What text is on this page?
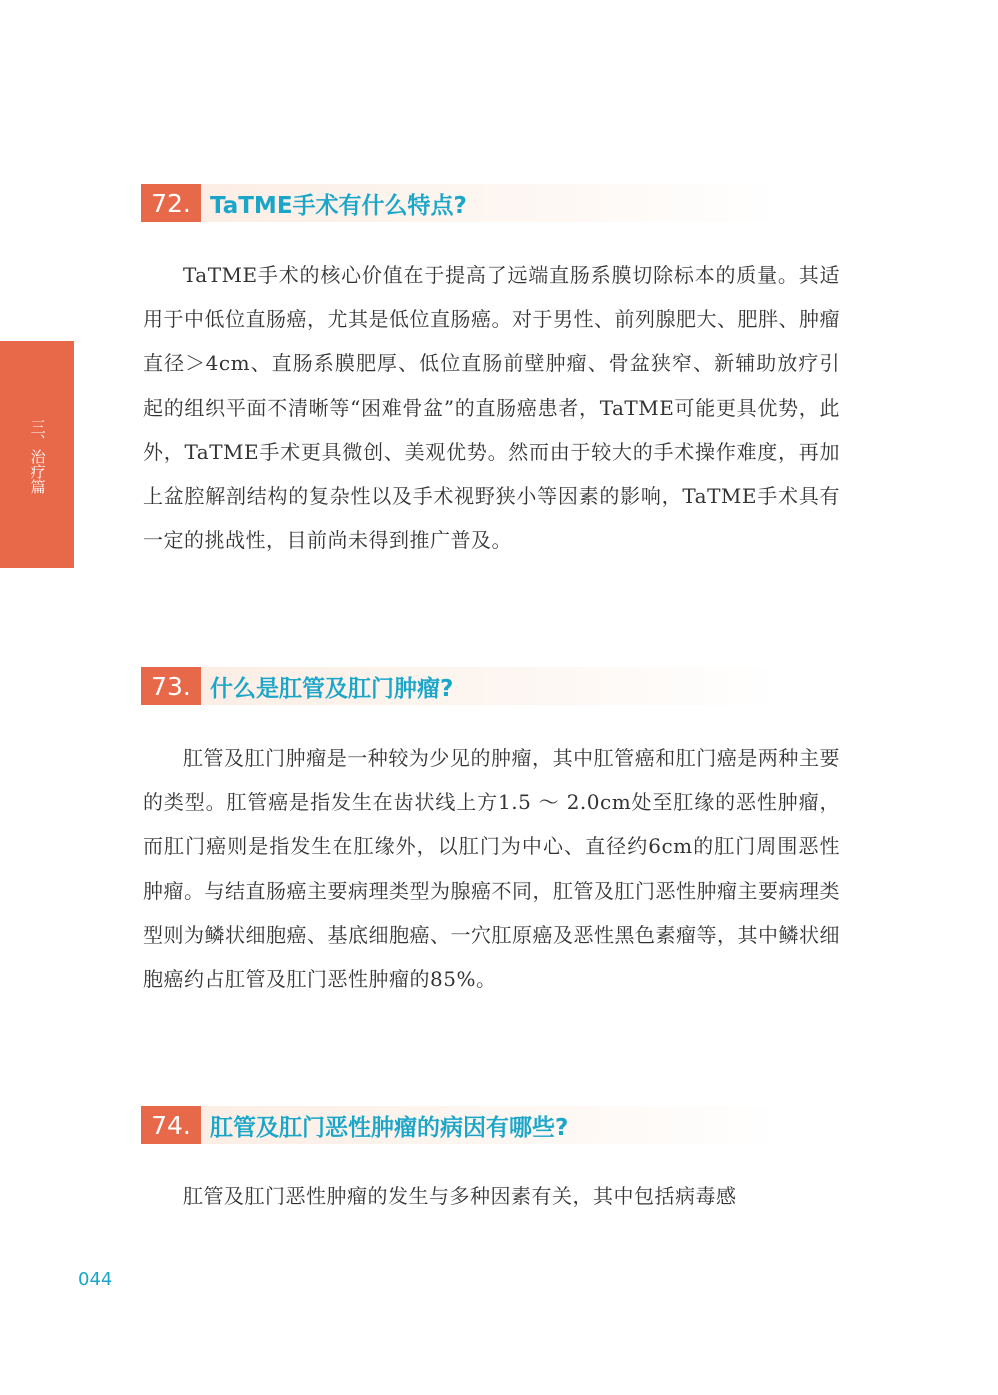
三、
治疗
篇
72. TaTME手术有什么特点?

TaTME手术的核心价值在于提高了远端直肠系膜切除标本的质量。其适用于中低位直肠癌，尤其是低位直肠癌。对于男性、前列腺肥大、肥胖、肿瘤直径＞4cm、直肠系膜肥厚、低位直肠前壁肿瘤、骨盆狭窄、新辅助放疗引起的组织平面不清晰等“困难骨盆”的直肠癌患者，TaTME可能更具优势，此外，TaTME手术更具微创、美观优势。然而由于较大的手术操作难度，再加上盆腔解剖结构的复杂性以及手术视野狭小等因素的影响，TaTME手术具有一定的挑战性，目前尚未得到推广普及。

73. 什么是肛管及肛门肿瘤?

肛管及肛门肿瘤是一种较为少见的肿瘤，其中肛管癌和肛门癌是两种主要的类型。肛管癌是指发生在齿状线上方1.5 ～ 2.0cm处至肛缘的恶性肿瘤，而肛门癌则是指发生在肛缘外，以肛门为中心、直径约6cm的肛门周围恶性肿瘤。与结直肠癌主要病理类型为腺癌不同，肛管及肛门恶性肿瘤主要病理类型则为鳞状细胞癌、基底细胞癌、一穴肛原癌及恶性黑色素瘤等，其中鳞状细胞癌约占肛管及肛门恶性肿瘤的85%。

74. 肛管及肛门恶性肿瘤的病因有哪些?

肛管及肛门恶性肿瘤的发生与多种因素有关，其中包括病毒感

044
